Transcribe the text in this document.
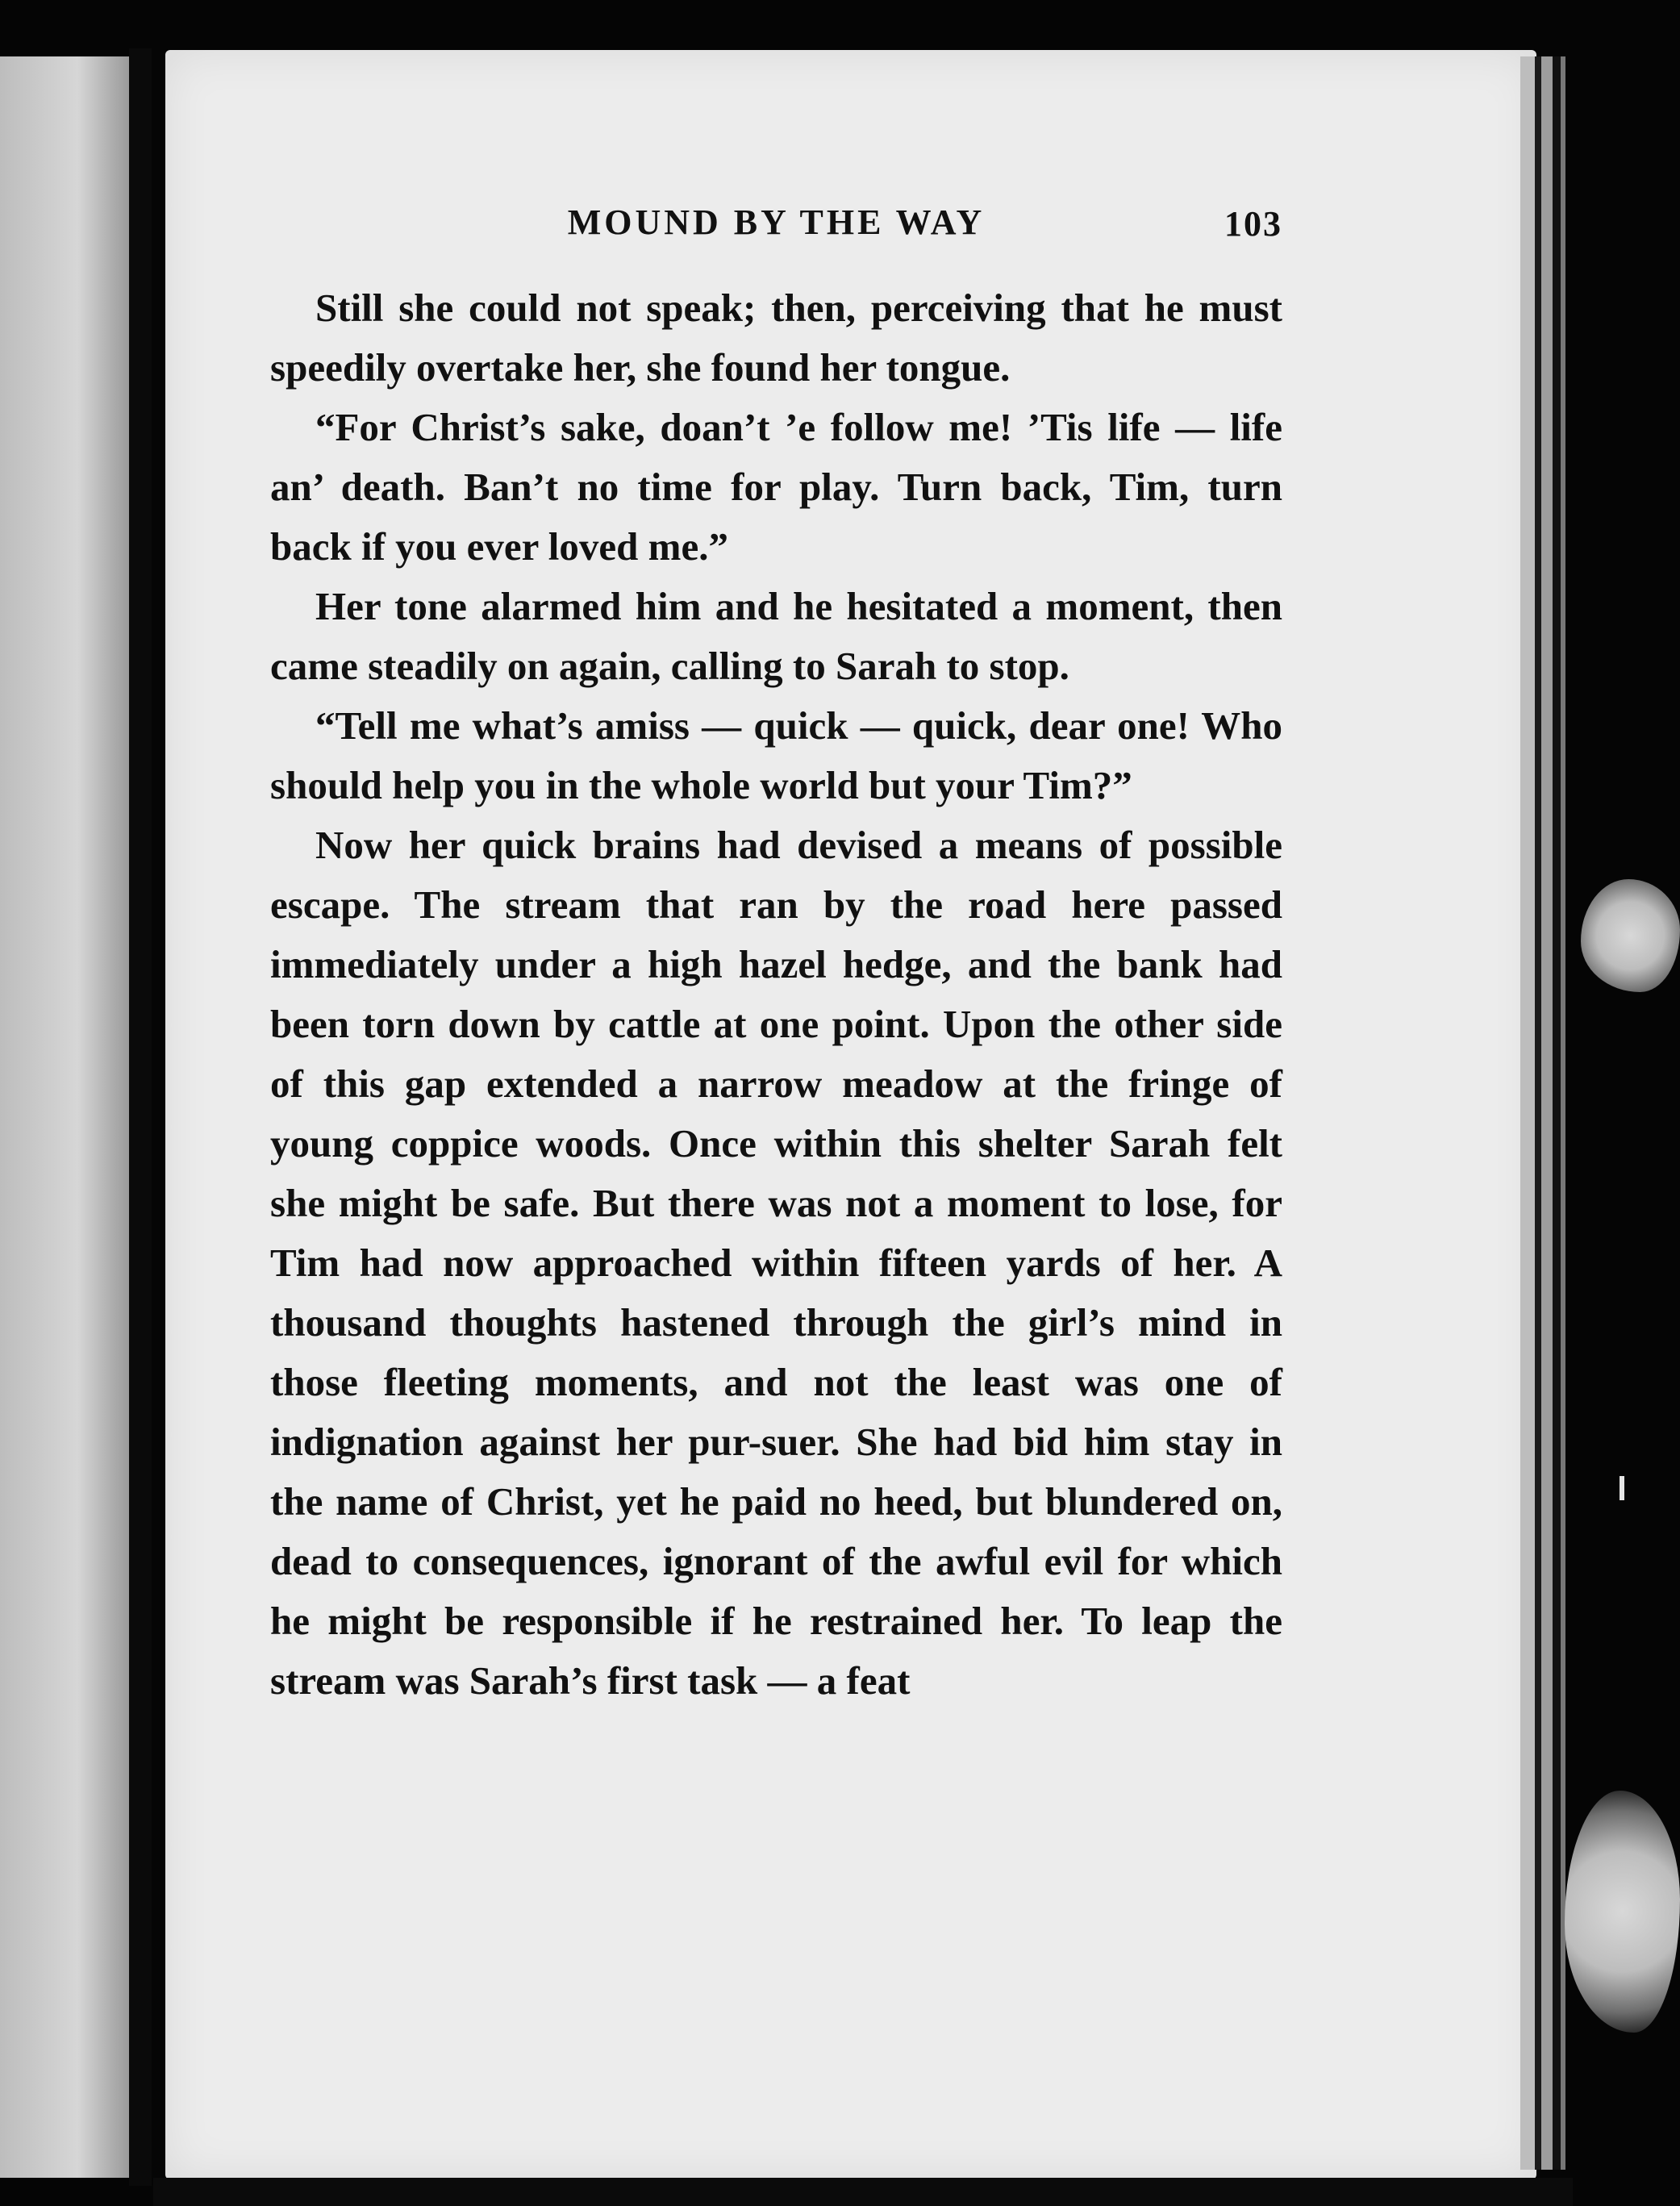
MOUND BY THE WAY	103

Still she could not speak; then, perceiving that he must speedily overtake her, she found her tongue.

“For Christ’s sake, doan’t ’e follow me! ’Tis life — life an’ death. Ban’t no time for play. Turn back, Tim, turn back if you ever loved me.”

Her tone alarmed him and he hesitated a moment, then came steadily on again, calling to Sarah to stop.

“Tell me what’s amiss — quick — quick, dear one! Who should help you in the whole world but your Tim?”

Now her quick brains had devised a means of possible escape. The stream that ran by the road here passed immediately under a high hazel hedge, and the bank had been torn down by cattle at one point. Upon the other side of this gap extended a narrow meadow at the fringe of young coppice woods. Once within this shelter Sarah felt she might be safe. But there was not a moment to lose, for Tim had now approached within fifteen yards of her. A thousand thoughts hastened through the girl’s mind in those fleeting moments, and not the least was one of indignation against her pur-suer. She had bid him stay in the name of Christ, yet he paid no heed, but blundered on, dead to consequences, ignorant of the awful evil for which he might be responsible if he restrained her. To leap the stream was Sarah’s first task — a feat
